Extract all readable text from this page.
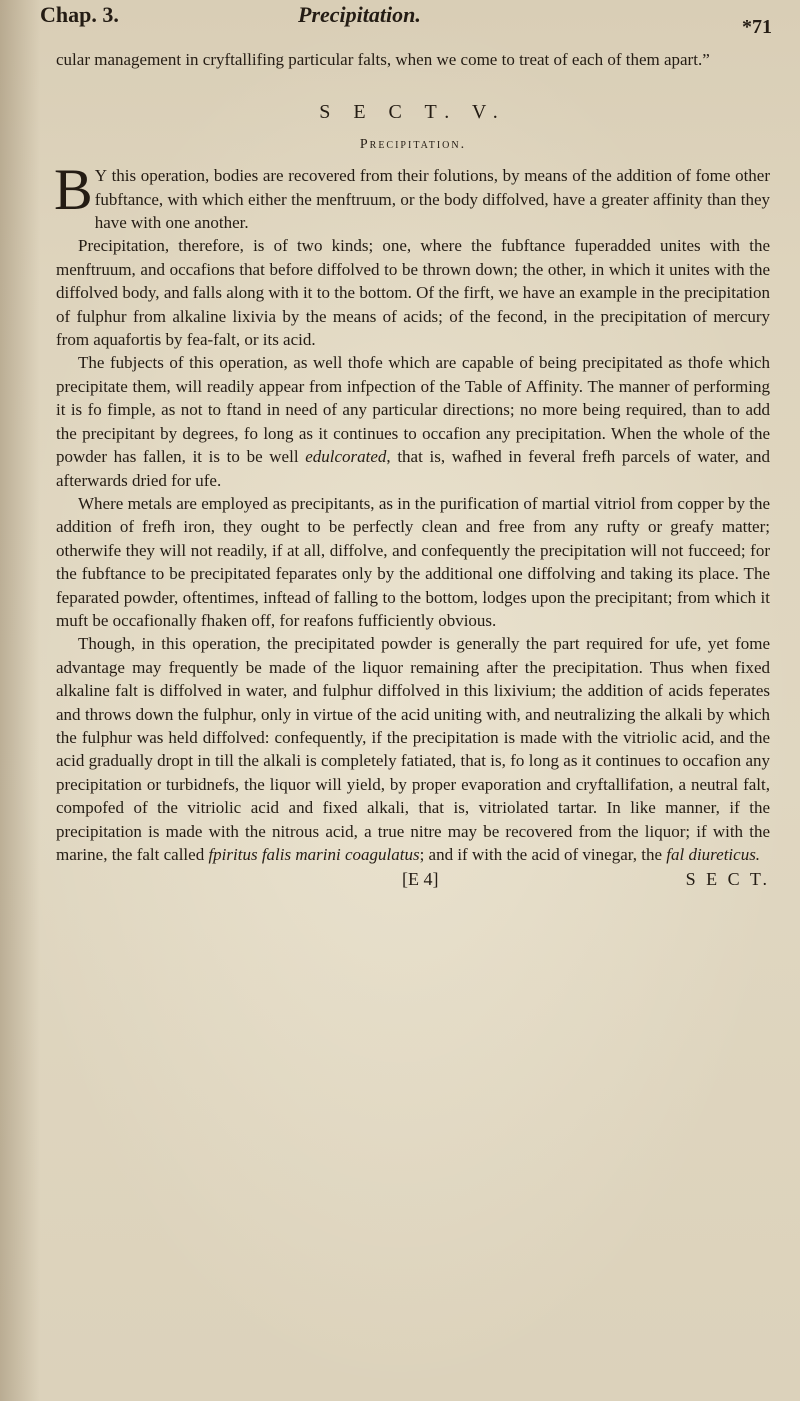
Chap. 3.	Precipitation.	*71

cular management in cryftallifing particular falts, when we come to treat of each of them apart.”

S E C T. V.
Precipitation.

B Y this operation, bodies are recovered from their folutions, by means of the addition of fome other fubftance, with which either the menftruum, or the body diffolved, have a greater affinity than they have with one another.

Precipitation, therefore, is of two kinds; one, where the fubftance fuperadded unites with the menftruum, and occafions that before diffolved to be thrown down; the other, in which it unites with the diffolved body, and falls along with it to the bottom. Of the firft, we have an example in the precipitation of fulphur from alkaline lixivia by the means of acids; of the fecond, in the precipitation of mercury from aquafortis by fea-falt, or its acid.

The fubjects of this operation, as well thofe which are capable of being precipitated as thofe which precipitate them, will readily appear from infpection of the Table of Affinity. The manner of performing it is fo fimple, as not to ftand in need of any particular directions; no more being required, than to add the precipitant by degrees, fo long as it continues to occafion any precipitation. When the whole of the powder has fallen, it is to be well edulcorated, that is, wafhed in feveral frefh parcels of water, and afterwards dried for ufe.

Where metals are employed as precipitants, as in the purification of martial vitriol from copper by the addition of frefh iron, they ought to be perfectly clean and free from any rufty or greafy matter; otherwife they will not readily, if at all, diffolve, and confequently the precipitation will not fucceed; for the fubftance to be precipitated feparates only by the additional one diffolving and taking its place. The feparated powder, oftentimes, inftead of falling to the bottom, lodges upon the precipitant; from which it muft be occafionally fhaken off, for reafons fufficiently obvious.

Though, in this operation, the precipitated powder is generally the part required for ufe, yet fome advantage may frequently be made of the liquor remaining after the precipitation. Thus when fixed alkaline falt is diffolved in water, and fulphur diffolved in this lixivium; the addition of acids feperates and throws down the fulphur, only in virtue of the acid uniting with, and neutralizing the alkali by which the fulphur was held diffolved: confequently, if the precipitation is made with the vitriolic acid, and the acid gradually dropt in till the alkali is completely fatiated, that is, fo long as it continues to occafion any precipitation or turbidnefs, the liquor will yield, by proper evaporation and cryftallifation, a neutral falt, compofed of the vitriolic acid and fixed alkali, that is, vitriolated tartar. In like manner, if the precipitation is made with the nitrous acid, a true nitre may be recovered from the liquor; if with the marine, the falt called fpiritus falis marini coagulatus; and if with the acid of vinegar, the fal diureticus.

[E 4]	S E C T.
